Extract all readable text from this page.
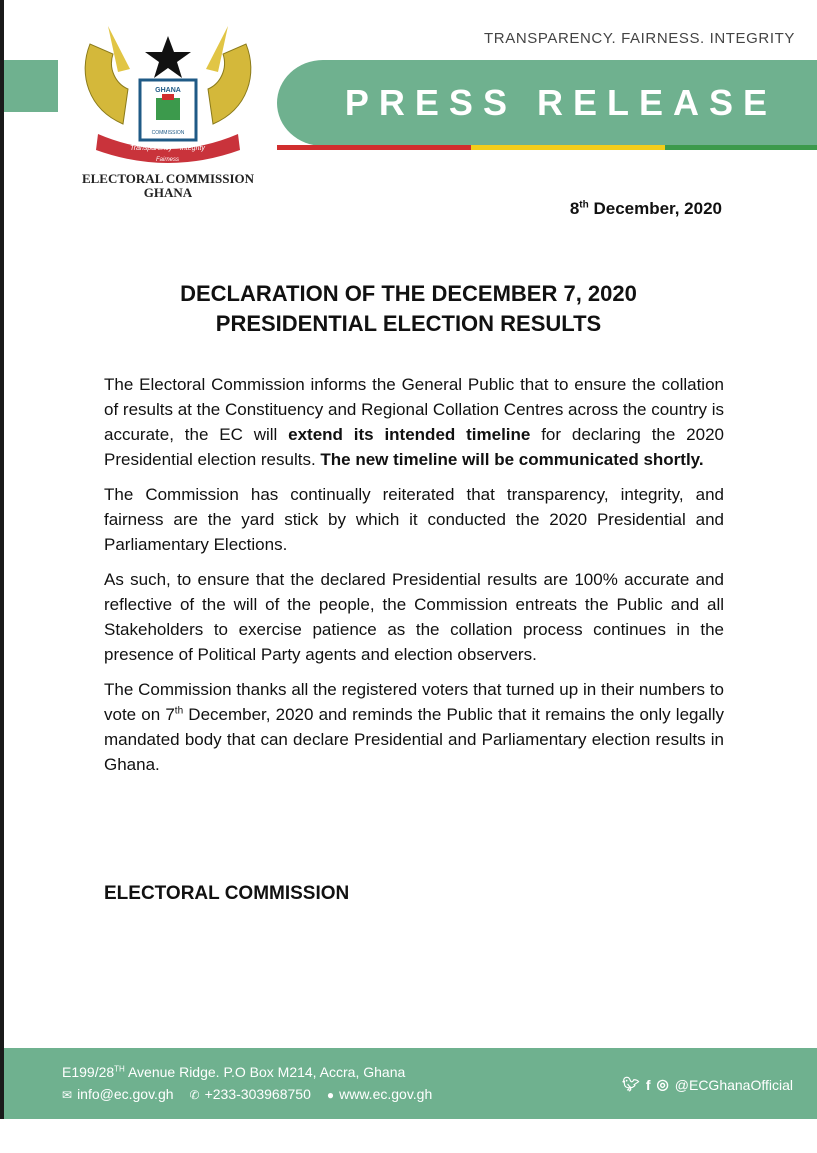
TRANSPARENCY. FAIRNESS. INTEGRITY
PRESS RELEASE
GHANA
COMMISSION
Transparency Integrity
Fairness
ELECTORAL COMMISSION
GHANA
8th December, 2020
DECLARATION OF THE DECEMBER 7, 2020
PRESIDENTIAL ELECTION RESULTS

The Electoral Commission informs the General Public that to ensure the collation of results at the Constituency and Regional Collation Centres across the country is accurate, the EC will extend its intended timeline for declaring the 2020 Presidential election results. The new timeline will be communicated shortly.

The Commission has continually reiterated that transparency, integrity, and fairness are the yard stick by which it conducted the 2020 Presidential and Parliamentary Elections.

As such, to ensure that the declared Presidential results are 100% accurate and reflective of the will of the people, the Commission entreats the Public and all Stakeholders to exercise patience as the collation process continues in the presence of Political Party agents and election observers.

The Commission thanks all the registered voters that turned up in their numbers to vote on 7th December, 2020 and reminds the Public that it remains the only legally mandated body that can declare Presidential and Parliamentary election results in Ghana.

ELECTORAL COMMISSION
E199/28TH Avenue Ridge. P.O Box M214, Accra, Ghana
✉ info@ec.gov.gh ✆ +233-303968750 ● www.ec.gov.gh
🐦︎ f ◎ @ECGhanaOfficial
